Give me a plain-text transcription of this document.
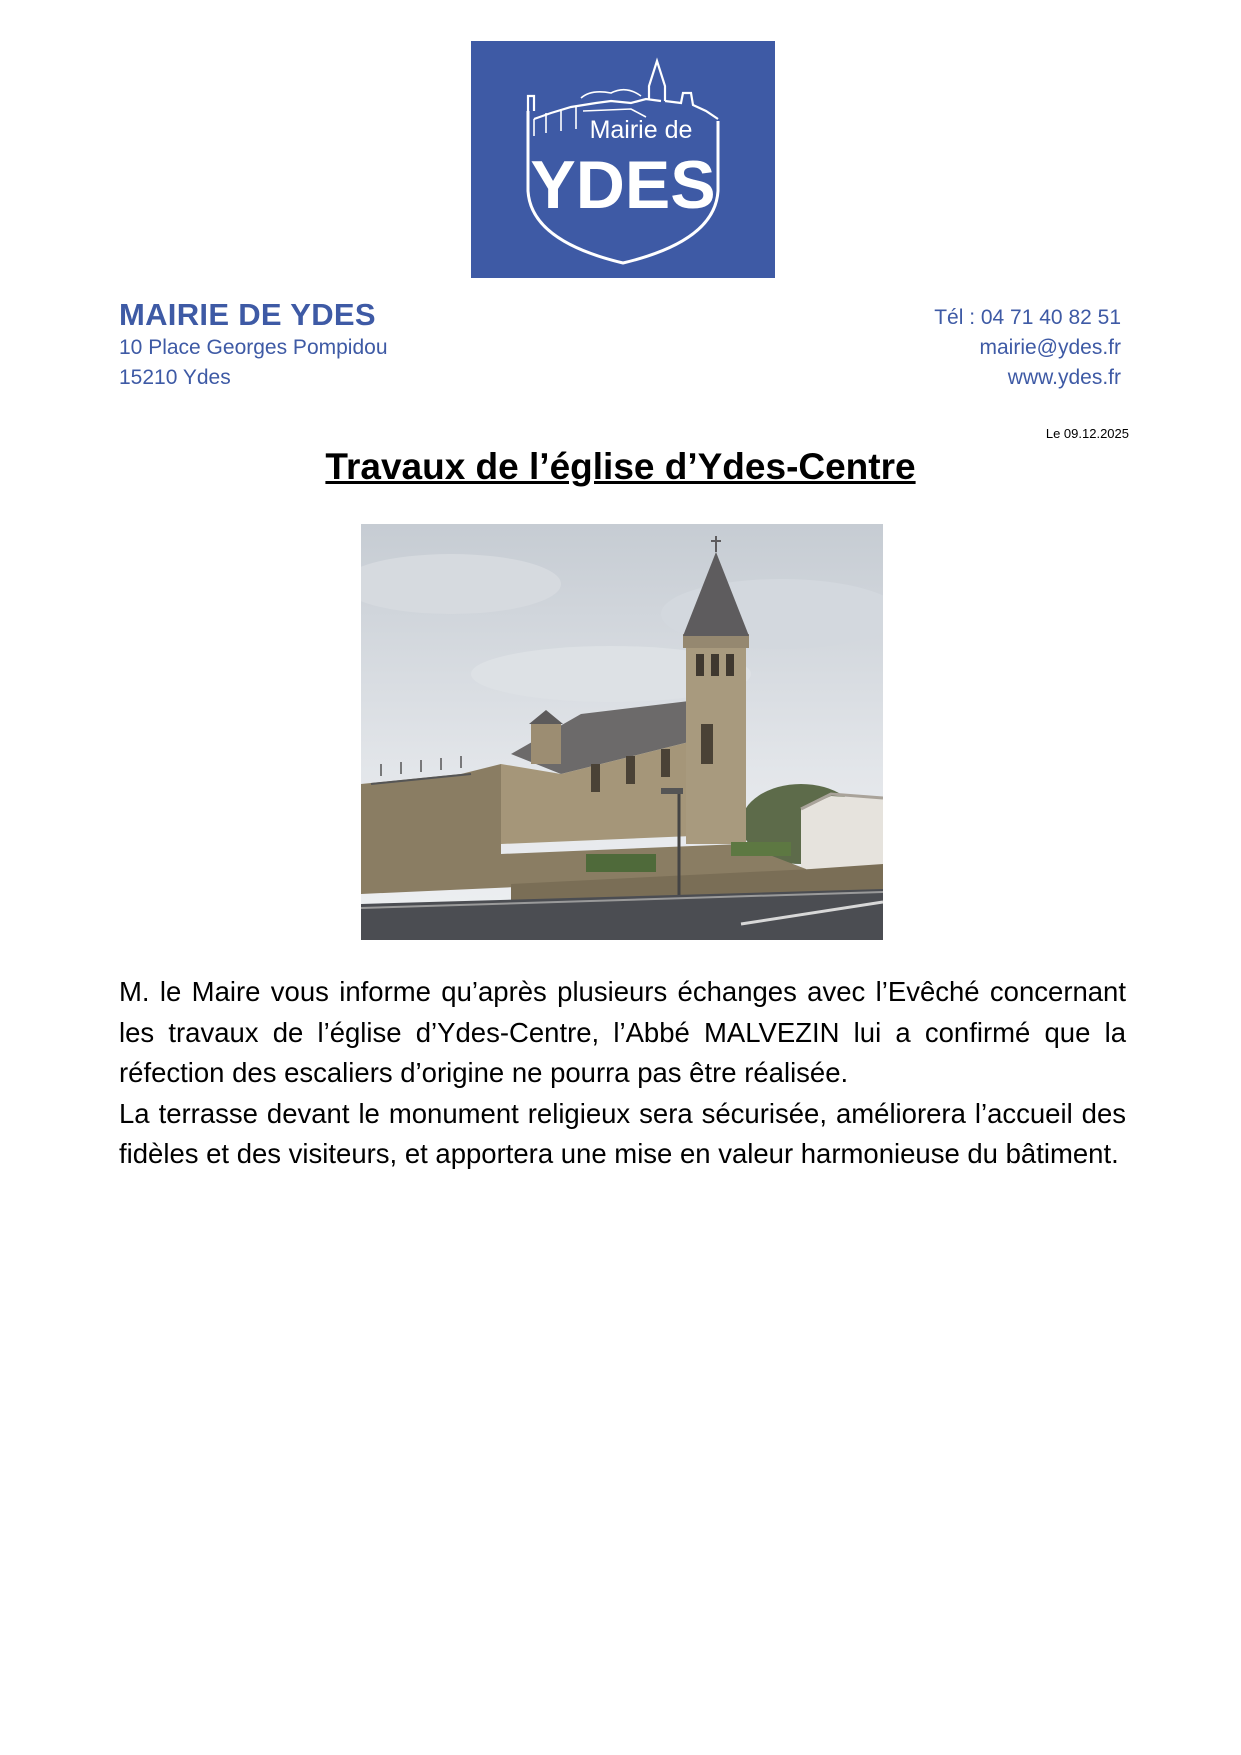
Mairie de
YDES
MAIRIE DE YDES
10 Place Georges Pompidou
15210 Ydes
Tél : 04 71 40 82 51
mairie@ydes.fr
www.ydes.fr
Le 09.12.2025
Travaux de l’église d’Ydes-Centre

M. le Maire vous informe qu’après plusieurs échanges avec l’Evêché concernant les travaux de l’église d’Ydes-Centre, l’Abbé MALVEZIN lui a confirmé que la réfection des escaliers d’origine ne pourra pas être réalisée.

La terrasse devant le monument religieux sera sécurisée, améliorera l’accueil des fidèles et des visiteurs, et apportera une mise en valeur harmonieuse du bâtiment.
